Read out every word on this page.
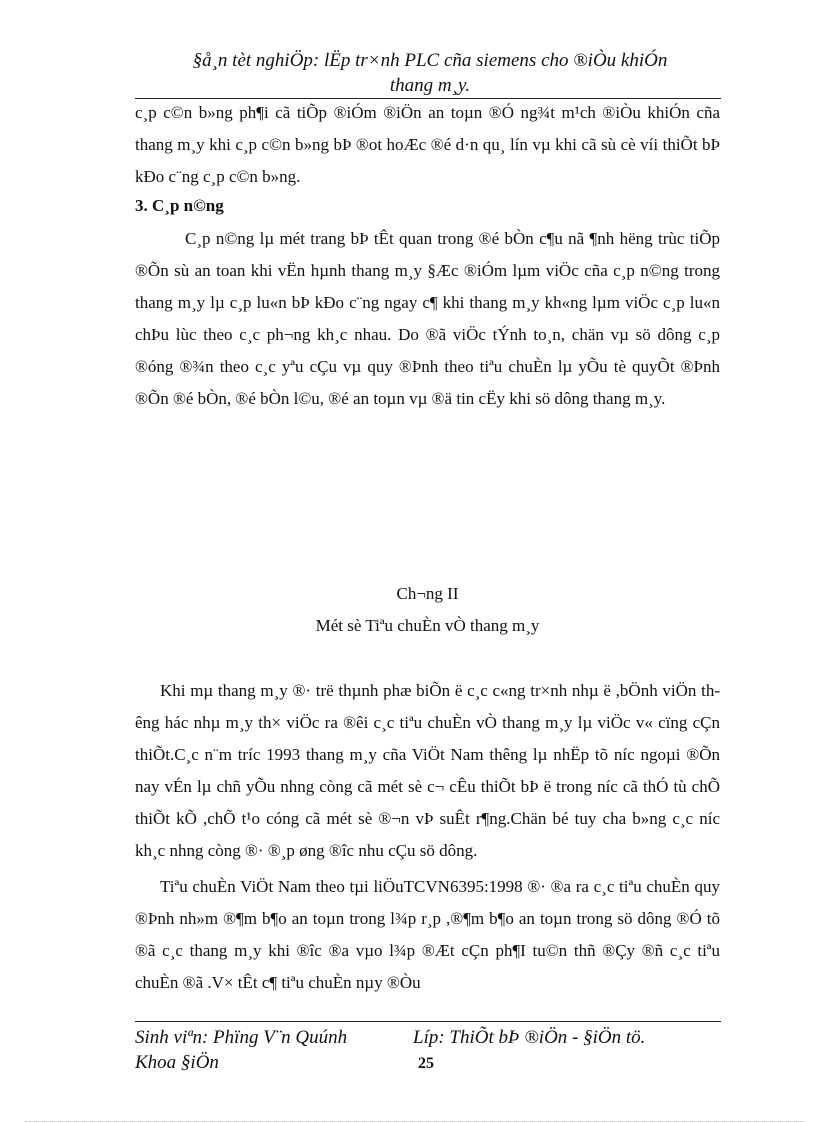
§å¸n tèt nghiÖp: lËp tr×nh PLC cña siemens cho ®iÒu khiÓn
thang m¸y.

c¸p c©n b»ng ph¶i cã tiÕp ®iÓm ®iÖn an toµn ®Ó ng¾t m¹ch ®iÒu khiÓn cña thang m¸y khi c¸p c©n b»ng bÞ ®ot hoÆc ®é d·n qu¸ lín vµ khi cã sù cè víi thiÕt bÞ kÐo c¨ng c¸p c©n b»ng.

3. C¸p n©ng

C¸p n©ng lµ mét trang bÞ tÊt quan trong ®é bÒn c¶u nã ¶nh hëng trùc tiÕp ®Õn sù an toan khi vËn hµnh thang m¸y §Æc ®iÓm lµm viÖc cña c¸p n©ng trong thang m¸y lµ c¸p lu«n bÞ kÐo c¨ng ngay c¶ khi thang m¸y kh«ng lµm viÖc c¸p lu«n chÞu lùc theo c¸c ph¬ng kh¸c nhau. Do ®ã viÖc tÝnh to¸n, chän vµ sö dông c¸p ®óng ®¾n theo c¸c yªu cÇu vµ quy ®Þnh theo tiªu chuÈn lµ yÕu tè quyÕt ®Þnh ®Õn ®é bÒn, ®é bÒn l©u, ®é an toµn vµ ®ä tin cËy khi sö dông thang m¸y.

Ch¬ng II
Mét sè Tiªu chuÈn vÒ thang m¸y

Khi mµ thang m¸y ®· trë thµnh phæ biÕn ë c¸c c«ng tr×nh nhµ ë ,bÖnh viÖn thêng hác nhµ m¸y th× viÖc ra ®êi c¸c tiªu chuÈn vÒ thang m¸y lµ viÖc v« cïng cÇn thiÕt.C¸c n¨m tríc 1993 thang m¸y cña ViÖt Nam thêng lµ nhËp tõ níc ngoµi ®Õn nay vÉn lµ chñ yÕu nhng còng cã mét sè c¬ cÊu thiÕt bÞ ë trong níc cã thÓ tù chÕ thiÕt kÕ ,chÕ t¹o cóng cã mét sè ®¬n vÞ suÊt r¶ng.Chän bé tuy cha b»ng c¸c níc kh¸c nhng còng ®· ®¸p øng ®îc nhu cÇu sö dông.

Tiªu chuÈn ViÖt Nam theo tµi liÖuTCVN6395:1998 ®· ®a ra c¸c tiªu chuÈn quy ®Þnh nh»m ®¶m b¶o an toµn trong l¾p r¸p ,®¶m b¶o an toµn trong sö dông ®Ó tõ ®ã c¸c thang m¸y khi ®îc ®a vµo l¾p ®Æt cÇn ph¶I tu©n thñ ®Çy ®ñ c¸c tiªu chuÈn ®ã .V× tÊt c¶ tiªu chuÈn nµy ®Òu

Sinh viªn: Phïng V¨n Quúnh	Líp: ThiÕt bÞ ®iÖn - §iÖn tö.
Khoa §iÖn	25
